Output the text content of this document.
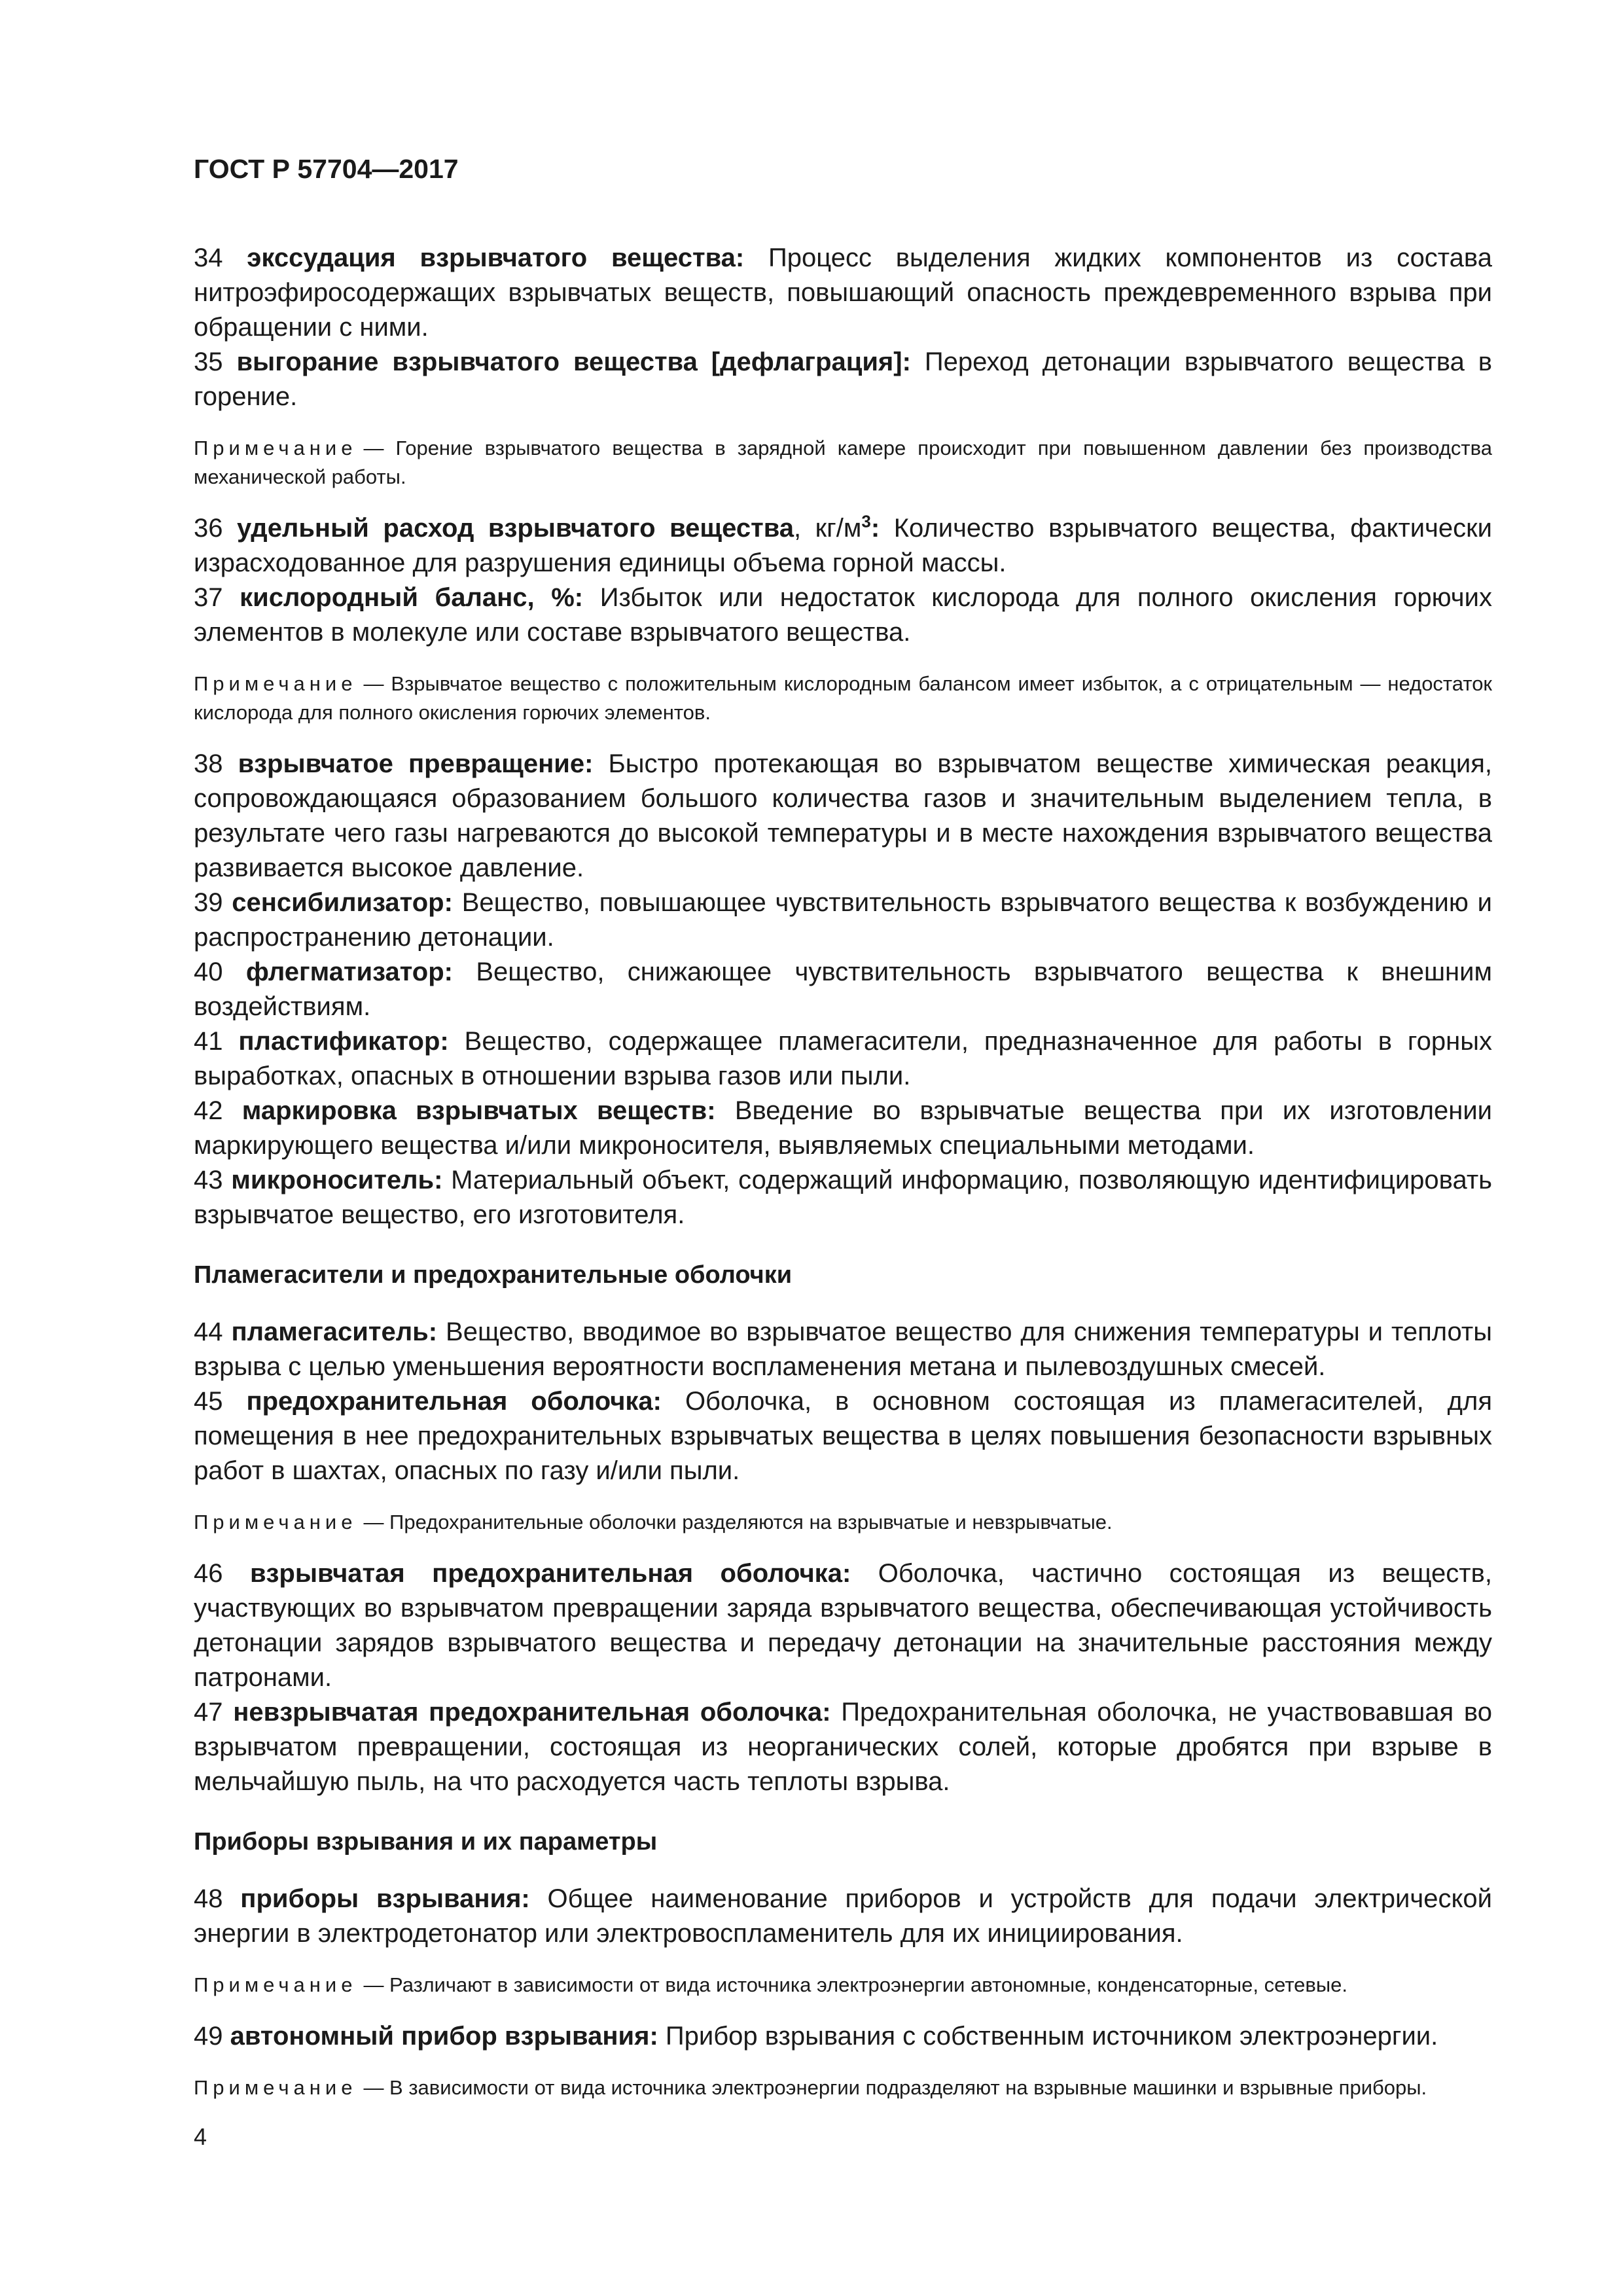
ГОСТ Р 57704—2017

34 экссудация взрывчатого вещества: Процесс выделения жидких компонентов из состава нитроэфиросодержащих взрывчатых веществ, повышающий опасность преждевременного взрыва при обращении с ними.

35 выгорание взрывчатого вещества [дефлаграция]: Переход детонации взрывчатого вещества в горение.

Примечание — Горение взрывчатого вещества в зарядной камере происходит при повышенном давлении без производства механической работы.

36 удельный расход взрывчатого вещества, $кг/м^3$: Количество взрывчатого вещества, фактически израсходованное для разрушения единицы объема горной массы.

37 кислородный баланс, %: Избыток или недостаток кислорода для полного окисления горючих элементов в молекуле или составе взрывчатого вещества.

Примечание — Взрывчатое вещество с положительным кислородным балансом имеет избыток, а с отрицательным — недостаток кислорода для полного окисления горючих элементов.

38 взрывчатое превращение: Быстро протекающая во взрывчатом веществе химическая реакция, сопровождающаяся образованием большого количества газов и значительным выделением тепла, в результате чего газы нагреваются до высокой температуры и в месте нахождения взрывчатого вещества развивается высокое давление.

39 сенсибилизатор: Вещество, повышающее чувствительность взрывчатого вещества к возбуждению и распространению детонации.

40 флегматизатор: Вещество, снижающее чувствительность взрывчатого вещества к внешним воздействиям.

41 пластификатор: Вещество, содержащее пламегасители, предназначенное для работы в горных выработках, опасных в отношении взрыва газов или пыли.

42 маркировка взрывчатых веществ: Введение во взрывчатые вещества при их изготовлении маркирующего вещества и/или микроносителя, выявляемых специальными методами.

43 микроноситель: Материальный объект, содержащий информацию, позволяющую идентифицировать взрывчатое вещество, его изготовителя.

Пламегасители и предохранительные оболочки

44 пламегаситель: Вещество, вводимое во взрывчатое вещество для снижения температуры и теплоты взрыва с целью уменьшения вероятности воспламенения метана и пылевоздушных смесей.

45 предохранительная оболочка: Оболочка, в основном состоящая из пламегасителей, для помещения в нее предохранительных взрывчатых вещества в целях повышения безопасности взрывных работ в шахтах, опасных по газу и/или пыли.

Примечание — Предохранительные оболочки разделяются на взрывчатые и невзрывчатые.

46 взрывчатая предохранительная оболочка: Оболочка, частично состоящая из веществ, участвующих во взрывчатом превращении заряда взрывчатого вещества, обеспечивающая устойчивость детонации зарядов взрывчатого вещества и передачу детонации на значительные расстояния между патронами.

47 невзрывчатая предохранительная оболочка: Предохранительная оболочка, не участвовавшая во взрывчатом превращении, состоящая из неорганических солей, которые дробятся при взрыве в мельчайшую пыль, на что расходуется часть теплоты взрыва.

Приборы взрывания и их параметры

48 приборы взрывания: Общее наименование приборов и устройств для подачи электрической энергии в электродетонатор или электровоспламенитель для их инициирования.

Примечание — Различают в зависимости от вида источника электроэнергии автономные, конденсаторные, сетевые.

49 автономный прибор взрывания: Прибор взрывания с собственным источником электроэнергии.

Примечание — В зависимости от вида источника электроэнергии подразделяют на взрывные машинки и взрывные приборы.

4
